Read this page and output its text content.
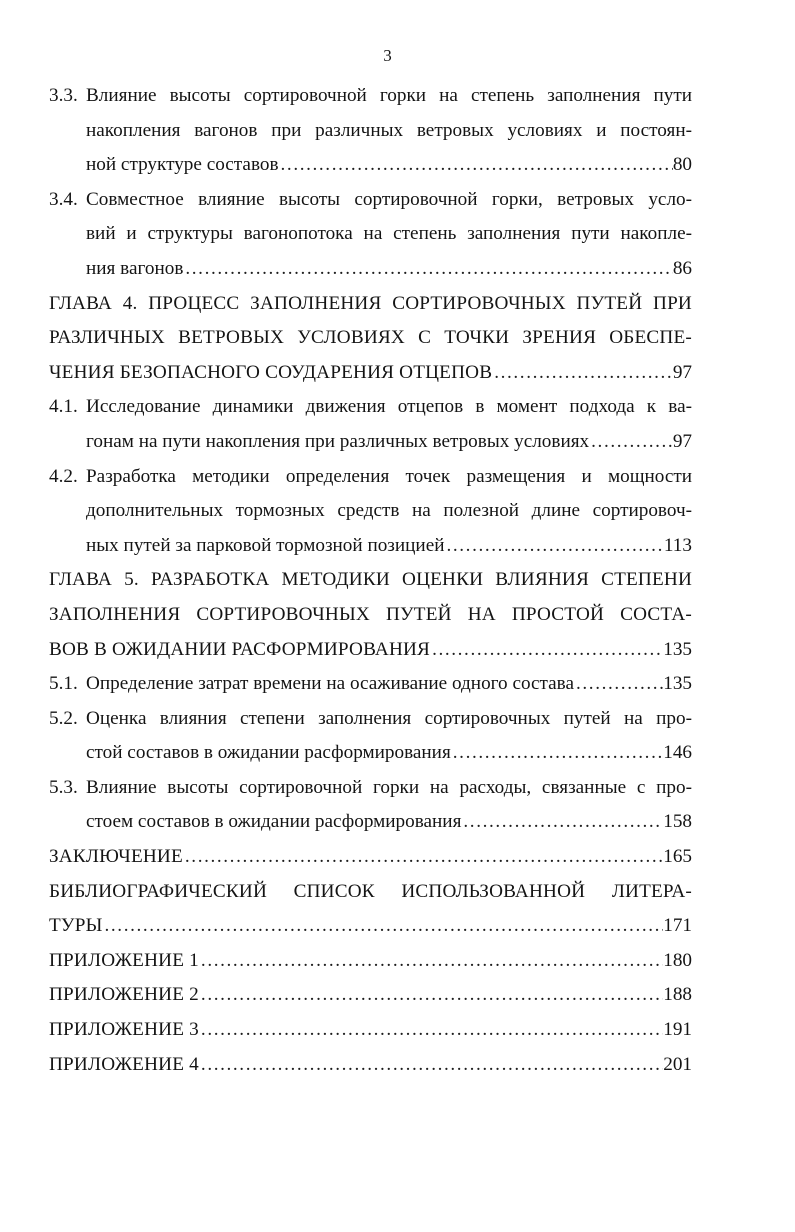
3
3.3. Влияние высоты сортировочной горки на степень заполнения пути
накопления вагонов при различных ветровых условиях и постоян-
ной структуре составов .....	80
3.4. Совместное влияние высоты сортировочной горки, ветровых усло-
вий и структуры вагонопотока на степень заполнения пути накопле-
ния вагонов .....	86
ГЛАВА 4. ПРОЦЕСС ЗАПОЛНЕНИЯ СОРТИРОВОЧНЫХ ПУТЕЙ ПРИ
РАЗЛИЧНЫХ ВЕТРОВЫХ УСЛОВИЯХ С ТОЧКИ ЗРЕНИЯ ОБЕСПЕ-
ЧЕНИЯ БЕЗОПАСНОГО СОУДАРЕНИЯ ОТЦЕПОВ .....	97
4.1. Исследование динамики движения отцепов в момент подхода к ва-
гонам на пути накопления при различных ветровых условиях .....	97
4.2. Разработка методики определения точек размещения и мощности
дополнительных тормозных средств на полезной длине сортировоч-
ных путей за парковой тормозной позицией .....	113
ГЛАВА 5. РАЗРАБОТКА МЕТОДИКИ ОЦЕНКИ ВЛИЯНИЯ СТЕПЕНИ
ЗАПОЛНЕНИЯ СОРТИРОВОЧНЫХ ПУТЕЙ НА ПРОСТОЙ СОСТА-
ВОВ В ОЖИДАНИИ РАСФОРМИРОВАНИЯ .....	135
5.1. Определение затрат времени на осаживание одного состава .....	135
5.2. Оценка влияния степени заполнения сортировочных путей на про-
стой составов в ожидании расформирования .....	146
5.3. Влияние высоты сортировочной горки на расходы, связанные с про-
стоем составов в ожидании расформирования .....	158
ЗАКЛЮЧЕНИЕ .....	165
БИБЛИОГРАФИЧЕСКИЙ СПИСОК ИСПОЛЬЗОВАННОЙ ЛИТЕРА-
ТУРЫ .....	171
ПРИЛОЖЕНИЕ 1 .....	180
ПРИЛОЖЕНИЕ 2 .....	188
ПРИЛОЖЕНИЕ 3 .....	191
ПРИЛОЖЕНИЕ 4 .....	201
